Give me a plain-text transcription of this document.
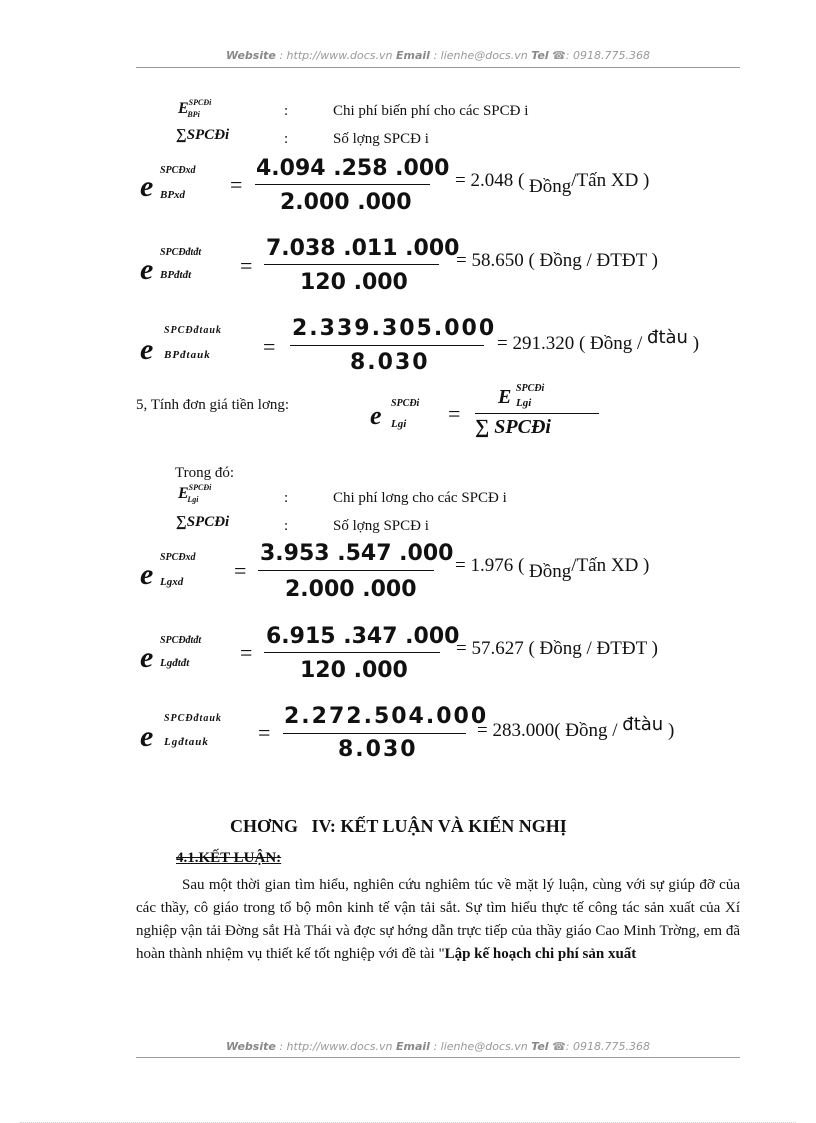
Website : http://www.docs.vn Email : lienhe@docs.vn Tel ☎: 0918.775.368
$E^{SPCĐi}_{BPi}$	:	Chi phí biến phí cho các SPCĐ i
∑SPCĐi	:	Số lợng SPCĐ i
e SPCĐxd
BPxd =
4.094 .258 .000
2.000 .000
= 2.048 ( Đồng/Tấn XD )
e
SPCĐđtđt
BPđtđt =
7.038 .011 .000
120 .000
= 58.650 ( Đồng / ĐTĐT )
e
SPCĐđtauk
BPđtauk =
2.339.305.000
8.030
= 291.320 ( Đồng / đtàu )
5, Tính đơn giá tiền lơng:	e SPCĐi
Lgi =
E SPCĐi
Lgi
∑ SPCĐi
Trong đó:
$E^{SPCĐi}_{Lgi}$	:	Chi phí lơng cho các SPCĐ i
∑SPCĐi	:	Số lợng SPCĐ i
e
SPCĐxd
Lgxd =
3.953 .547 .000
2.000 .000
= 1.976 ( Đồng/Tấn XD )
e
SPCĐđtđt
Lgđtđt =
6.915 .347 .000
120 .000
= 57.627 ( Đồng / ĐTĐT )
e
SPCĐđtauk
Lgđtauk =
2.272.504.000
8.030
= 283.000( Đồng / đtàu )
CHƠNG IV: KẾT LUẬN VÀ KIẾN NGHỊ
4.1.KẾT LUẬN:
Sau một thời gian tìm hiểu, nghiên cứu nghiêm túc về mặt lý luận, cùng với sự giúp đỡ của các thầy, cô giáo trong tổ bộ môn kinh tế vận tải sắt. Sự tìm hiểu thực tế công tác sản xuất của Xí nghiệp vận tải Đờng sắt Hà Thái và đợc sự hớng dẫn trực tiếp của thầy giáo Cao Minh Trờng, em đã hoàn thành nhiệm vụ thiết kế tốt nghiệp với đề tài "Lập kế hoạch chi phí sản xuất
Website : http://www.docs.vn Email : lienhe@docs.vn Tel ☎: 0918.775.368
